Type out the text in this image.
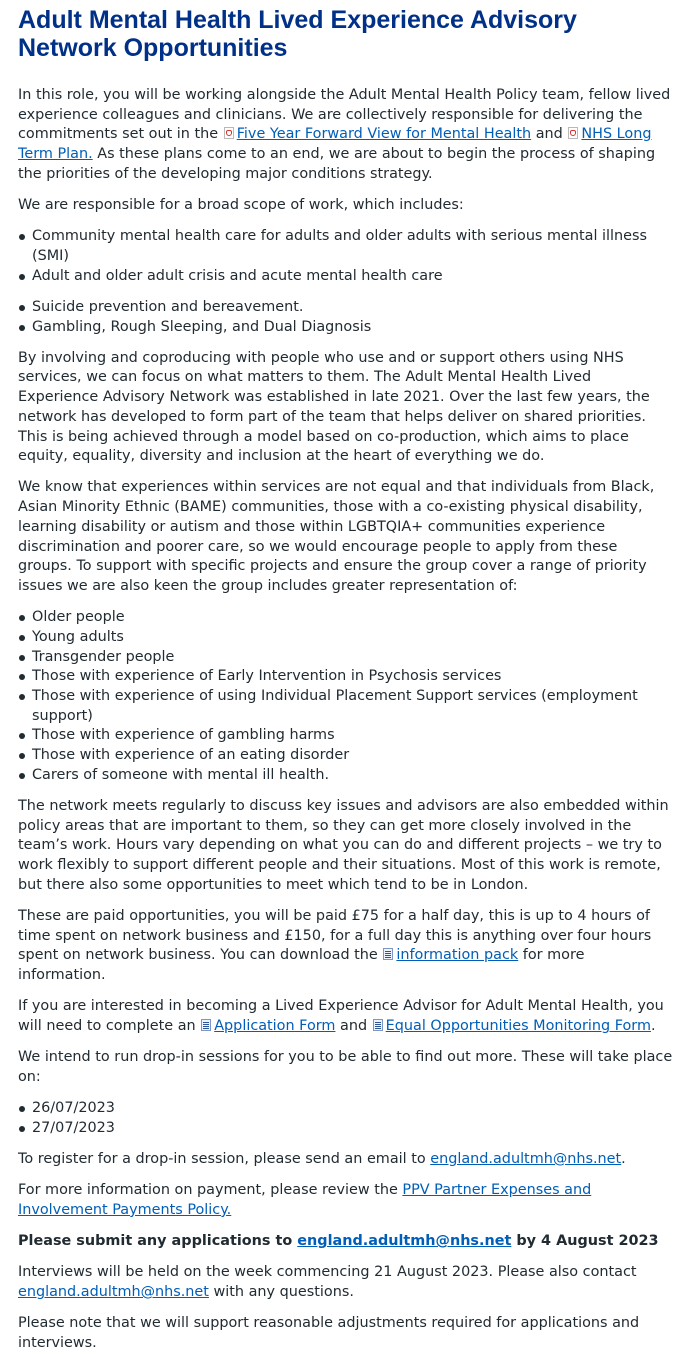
Adult Mental Health Lived Experience Advisory Network Opportunities

In this role, you will be working alongside the Adult Mental Health Policy team, fellow lived experience colleagues and clinicians. We are collectively responsible for delivering the commitments set out in the Five Year Forward View for Mental Health and NHS Long Term Plan. As these plans come to an end, we are about to begin the process of shaping the priorities of the developing major conditions strategy.

We are responsible for a broad scope of work, which includes:

Community mental health care for adults and older adults with serious mental illness (SMI)
Adult and older adult crisis and acute mental health care
Suicide prevention and bereavement.
Gambling, Rough Sleeping, and Dual Diagnosis

By involving and coproducing with people who use and or support others using NHS services, we can focus on what matters to them. The Adult Mental Health Lived Experience Advisory Network was established in late 2021. Over the last few years, the network has developed to form part of the team that helps deliver on shared priorities. This is being achieved through a model based on co-production, which aims to place equity, equality, diversity and inclusion at the heart of everything we do.

We know that experiences within services are not equal and that individuals from Black, Asian Minority Ethnic (BAME) communities, those with a co-existing physical disability, learning disability or autism and those within LGBTQIA+ communities experience discrimination and poorer care, so we would encourage people to apply from these groups. To support with specific projects and ensure the group cover a range of priority issues we are also keen the group includes greater representation of:

Older people
Young adults
Transgender people
Those with experience of Early Intervention in Psychosis services
Those with experience of using Individual Placement Support services (employment support)
Those with experience of gambling harms
Those with experience of an eating disorder
Carers of someone with mental ill health.

The network meets regularly to discuss key issues and advisors are also embedded within policy areas that are important to them, so they can get more closely involved in the team’s work. Hours vary depending on what you can do and different projects – we try to work flexibly to support different people and their situations. Most of this work is remote, but there also some opportunities to meet which tend to be in London.

These are paid opportunities, you will be paid £75 for a half day, this is up to 4 hours of time spent on network business and £150, for a full day this is anything over four hours spent on network business. You can download the information pack for more information.

If you are interested in becoming a Lived Experience Advisor for Adult Mental Health, you will need to complete an Application Form and Equal Opportunities Monitoring Form.

We intend to run drop-in sessions for you to be able to find out more. These will take place on:

26/07/2023
27/07/2023

To register for a drop-in session, please send an email to england.adultmh@nhs.net.

For more information on payment, please review the PPV Partner Expenses and Involvement Payments Policy.

Please submit any applications to england.adultmh@nhs.net by 4 August 2023

Interviews will be held on the week commencing 21 August 2023. Please also contact england.adultmh@nhs.net with any questions.

Please note that we will support reasonable adjustments required for applications and interviews.
